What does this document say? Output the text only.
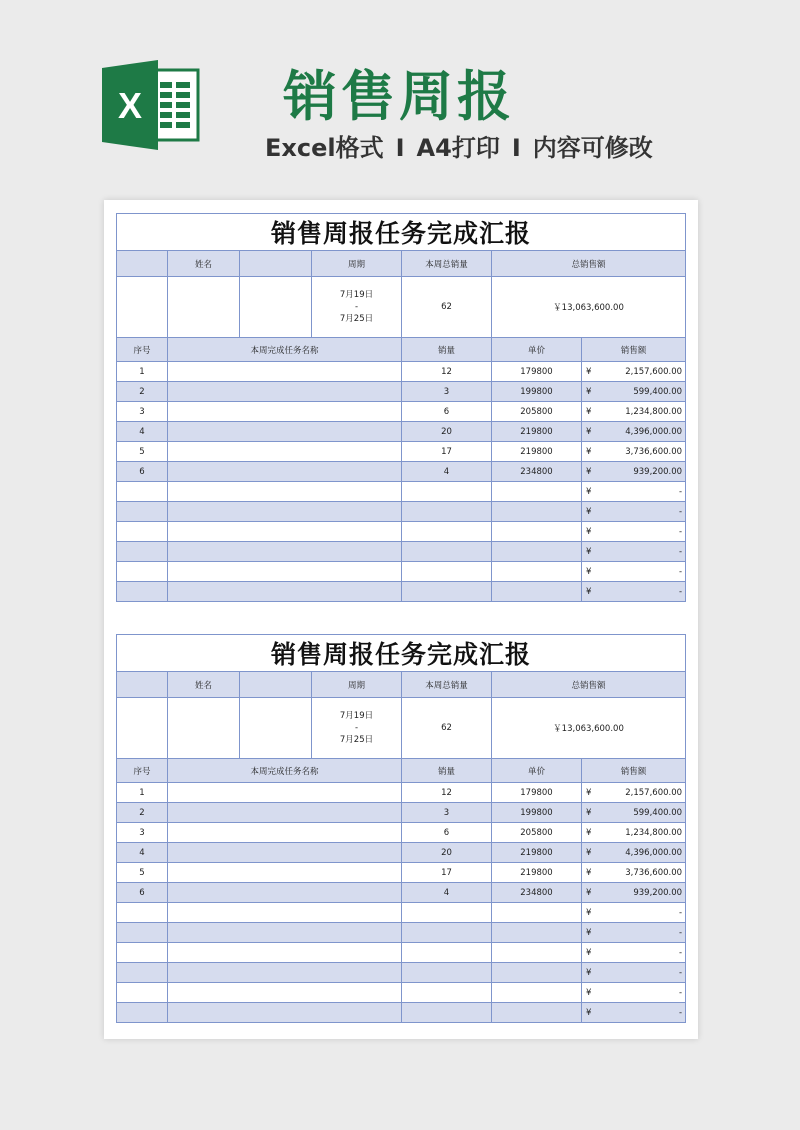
X	销售周报
Excel格式 I A4打印 I 内容可修改
销售周报任务完成汇报						
	姓名		周期	本周总销量	总销售额	

			7月19日
-
7月25日	62	￥13,063,600.00	
序号	本周完成任务名称			销量	单价	销售额
1				12	179800	¥ 2,157,600.00

2				3	199800	¥ 599,400.00

3				6	205800	¥ 1,234,800.00

4				20	219800	¥ 4,396,000.00

5				17	219800	¥ 3,736,600.00

6				4	234800	¥ 939,200.00

						¥ -

						¥ -

						¥ -

						¥ -

						¥ -

						¥ -
销售周报任务完成汇报						
	姓名		周期	本周总销量	总销售额	

			7月19日
-
7月25日	62	￥13,063,600.00	
序号	本周完成任务名称			销量	单价	销售额
1				12	179800	¥ 2,157,600.00

2				3	199800	¥ 599,400.00

3				6	205800	¥ 1,234,800.00

4				20	219800	¥ 4,396,000.00

5				17	219800	¥ 3,736,600.00

6				4	234800	¥ 939,200.00

						¥ -

						¥ -

						¥ -

						¥ -

						¥ -

						¥ -
